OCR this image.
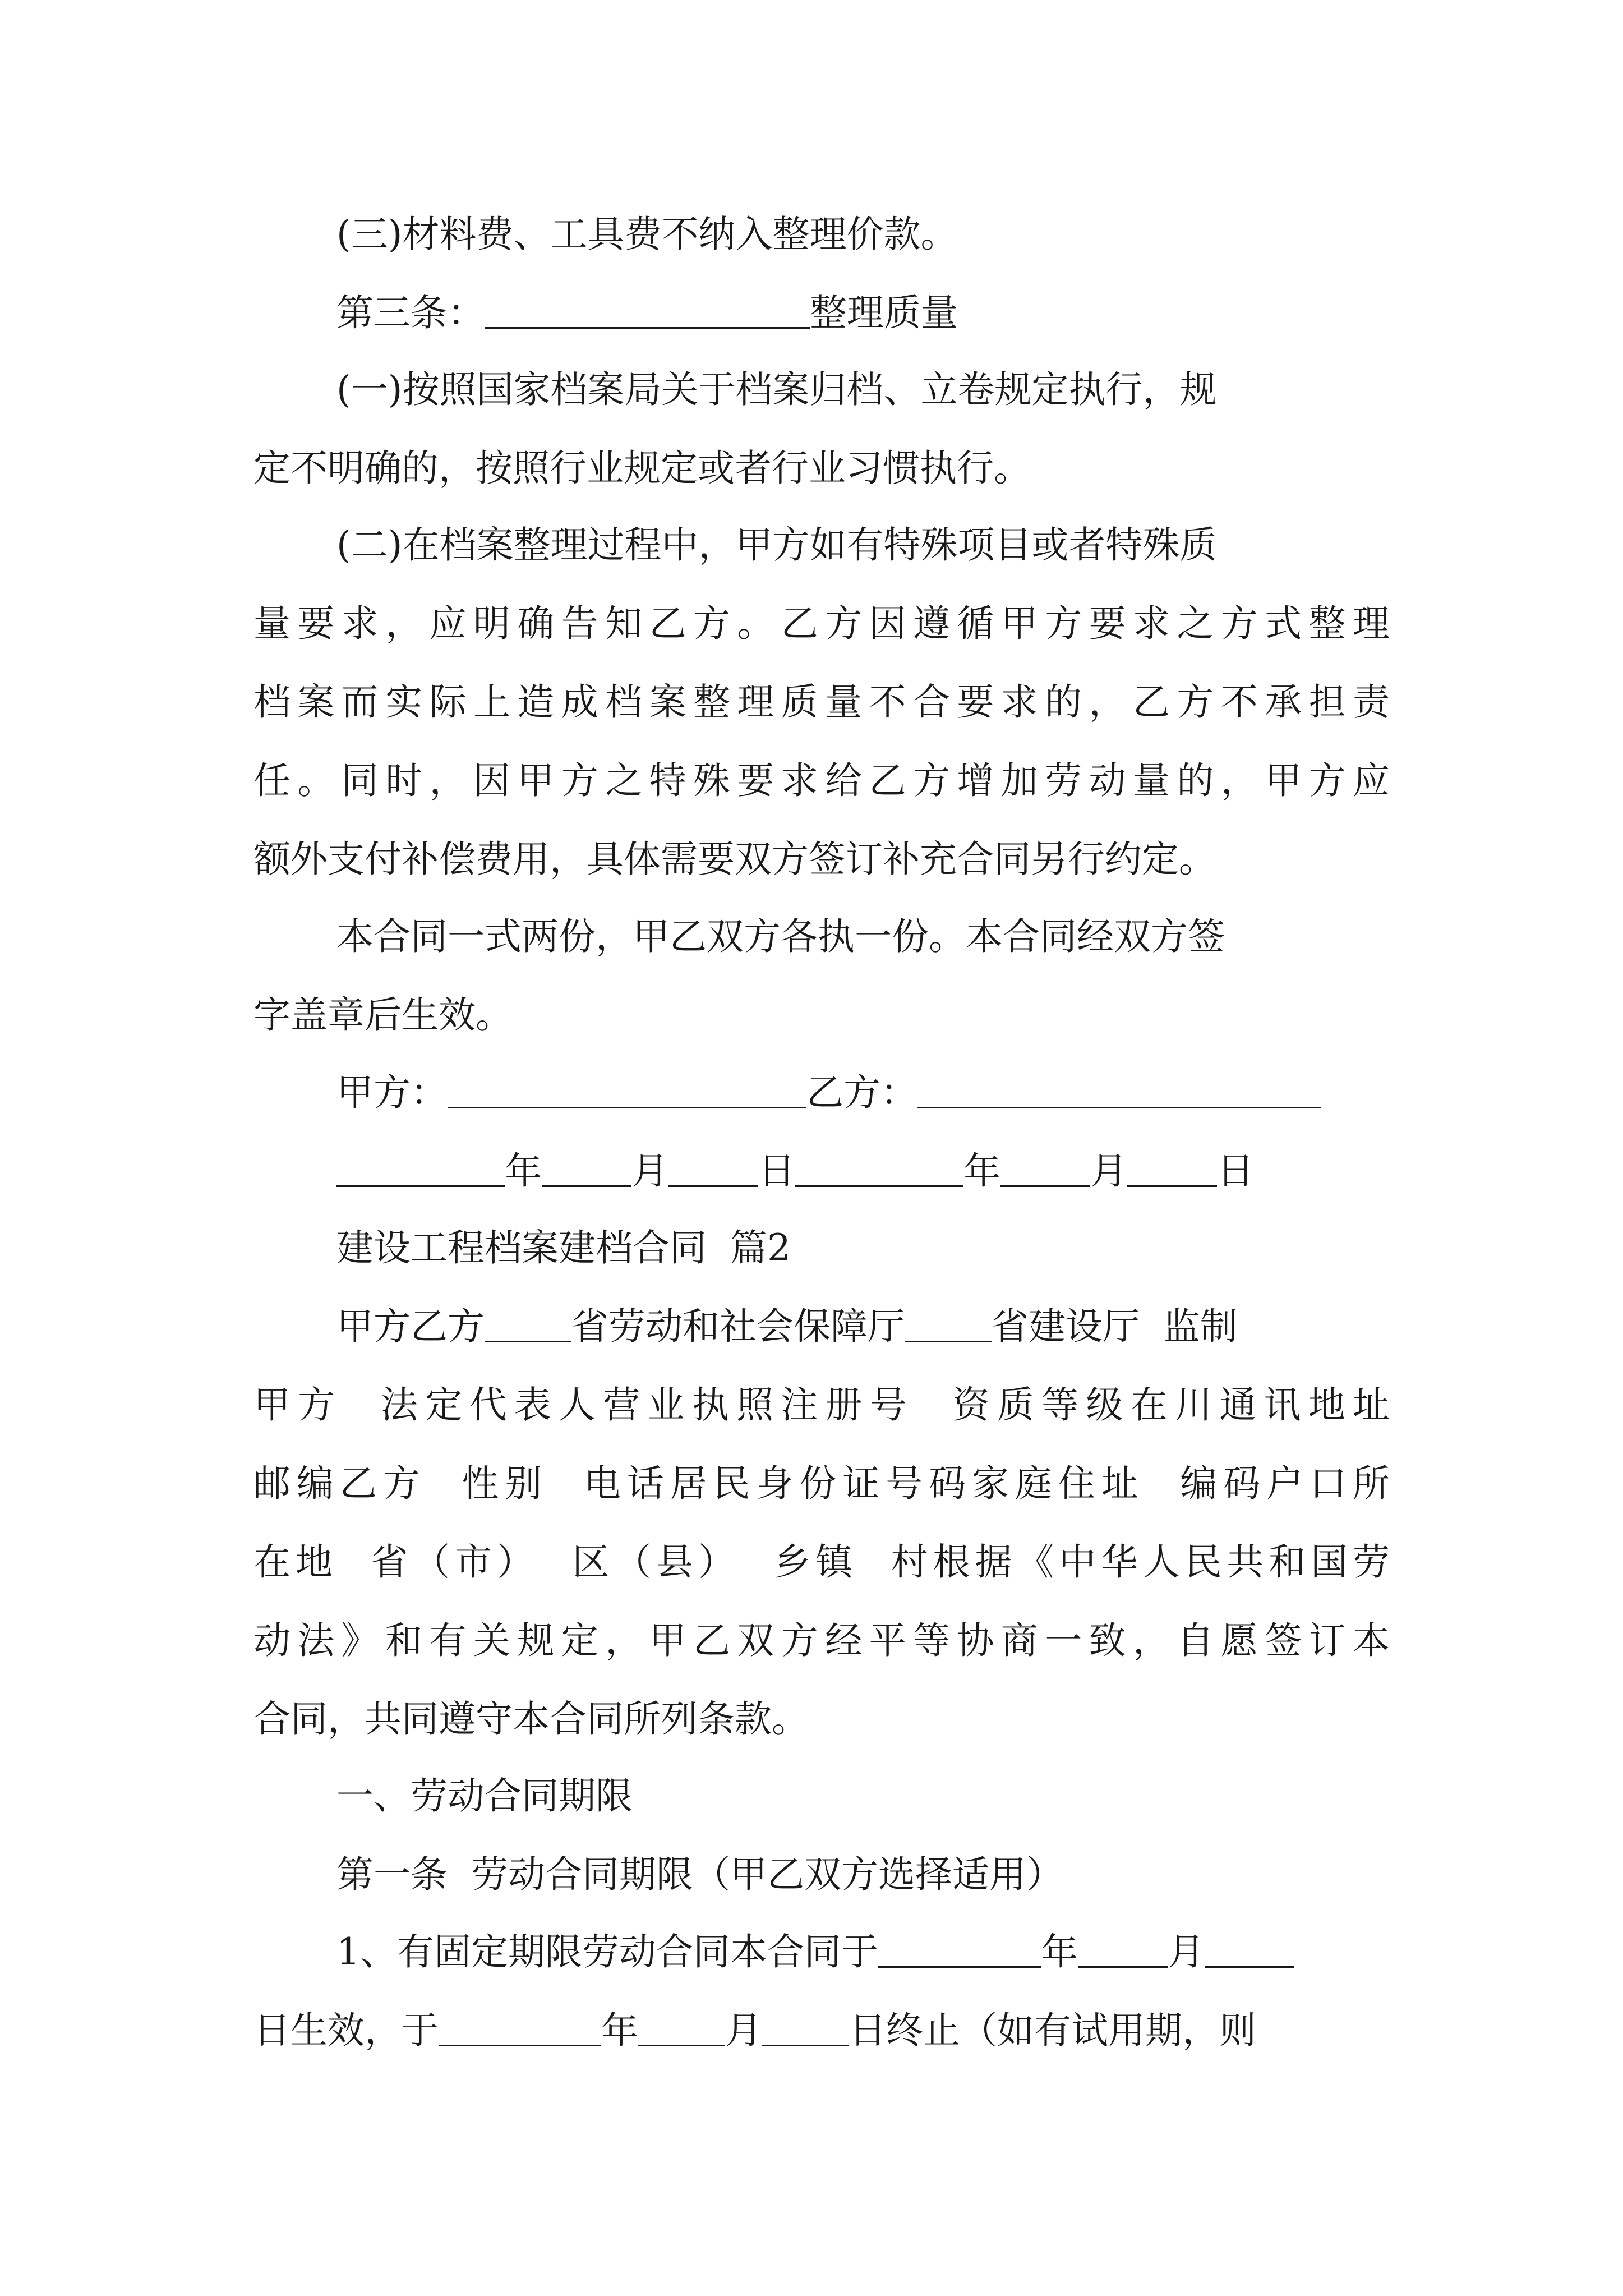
(三)材料费、工具费不纳入整理价款。
第三条：	整理质量
(一)按照国家档案局关于档案归档、立卷规定执行，规
定不明确的，按照行业规定或者行业习惯执行。
(二)在档案整理过程中，甲方如有特殊项目或者特殊质
量要求，应明确告知乙方。乙方因遵循甲方要求之方式整理
档案而实际上造成档案整理质量不合要求的，乙方不承担责
任。同时，因甲方之特殊要求给乙方增加劳动量的，甲方应
额外支付补偿费用，具体需要双方签订补充合同另行约定。
本合同一式两份，甲乙双方各执一份。本合同经双方签
字盖章后生效。
甲方：	乙方：
年 月 日	年 月 日
建设工程档案建档合同  篇2
甲方乙方 省劳动和社会保障厅 省建设厅  监制
甲方  法定代表人营业执照注册号  资质等级在川通讯地址
邮编乙方  性别  电话居民身份证号码家庭住址  编码户口所
在地  省（市）  区（县）  乡镇  村根据《中华人民共和国劳
动法》和有关规定，甲乙双方经平等协商一致，自愿签订本
合同，共同遵守本合同所列条款。
一、劳动合同期限
第一条  劳动合同期限（甲乙双方选择适用）
1、有固定期限劳动合同本合同于	年 月
日生效，于	年 月 日终止（如有试用期，则
